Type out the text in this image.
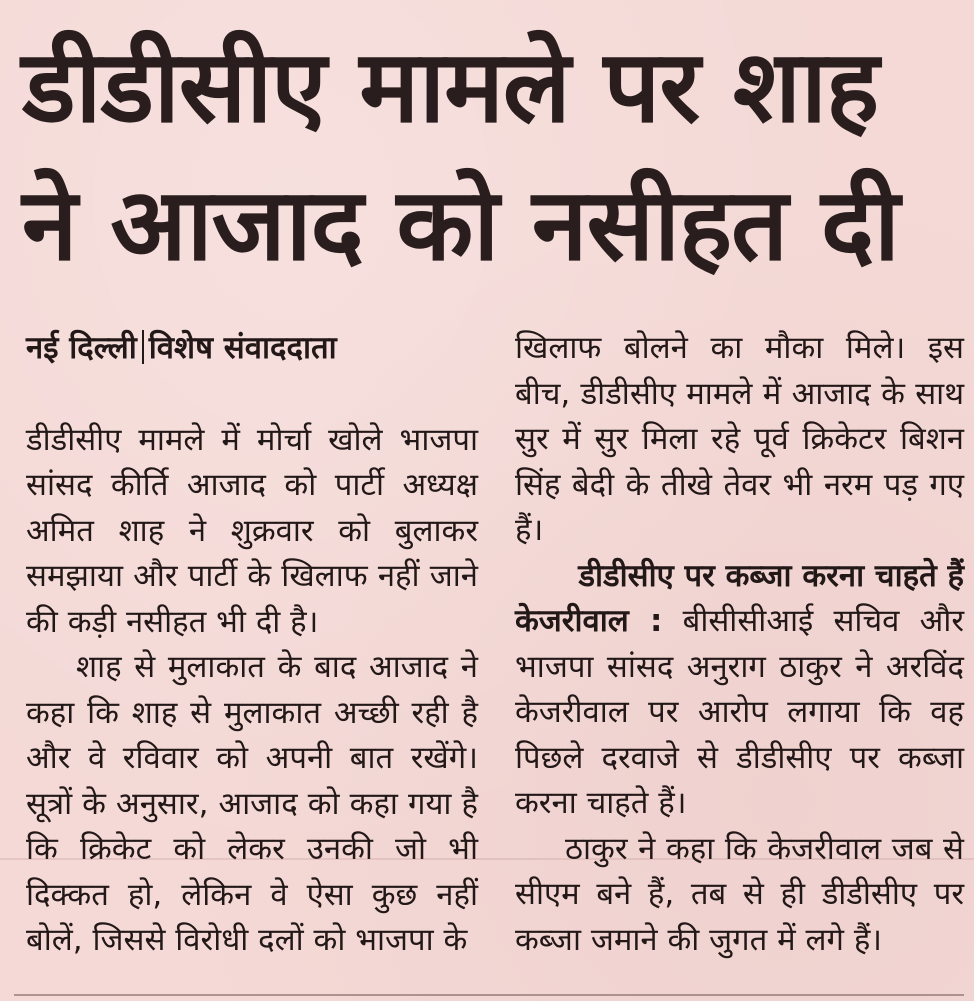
डीडीसीए मामले पर शाह
ने आजाद को नसीहत दी
नई दिल्ली विशेष संवाददाता

डीडीसीए मामले में मोर्चा खोले भाजपा सांसद कीर्ति आजाद को पार्टी अध्यक्ष अमित शाह ने शुक्रवार को बुलाकर समझाया और पार्टी के खिलाफ नहीं जाने की कड़ी नसीहत भी दी है।

शाह से मुलाकात के बाद आजाद ने कहा कि शाह से मुलाकात अच्छी रही है और वे रविवार को अपनी बात रखेंगे। सूत्रों के अनुसार, आजाद को कहा गया है कि क्रिकेट को लेकर उनकी जो भी दिक्कत हो, लेकिन वे ऐसा कुछ नहीं बोलें, जिससे विरोधी दलों को भाजपा के

खिलाफ बोलने का मौका मिले। इस बीच, डीडीसीए मामले में आजाद के साथ सुर में सुर मिला रहे पूर्व क्रिकेटर बिशन सिंह बेदी के तीखे तेवर भी नरम पड़ गए हैं।

डीडीसीए पर कब्जा करना चाहते हैं

केजरीवाल : बीसीसीआई सचिव और भाजपा सांसद अनुराग ठाकुर ने अरविंद केजरीवाल पर आरोप लगाया कि वह पिछले दरवाजे से डीडीसीए पर कब्जा करना चाहते हैं।

ठाकुर ने कहा कि केजरीवाल जब से सीएम बने हैं, तब से ही डीडीसीए पर कब्जा जमाने की जुगत में लगे हैं।
